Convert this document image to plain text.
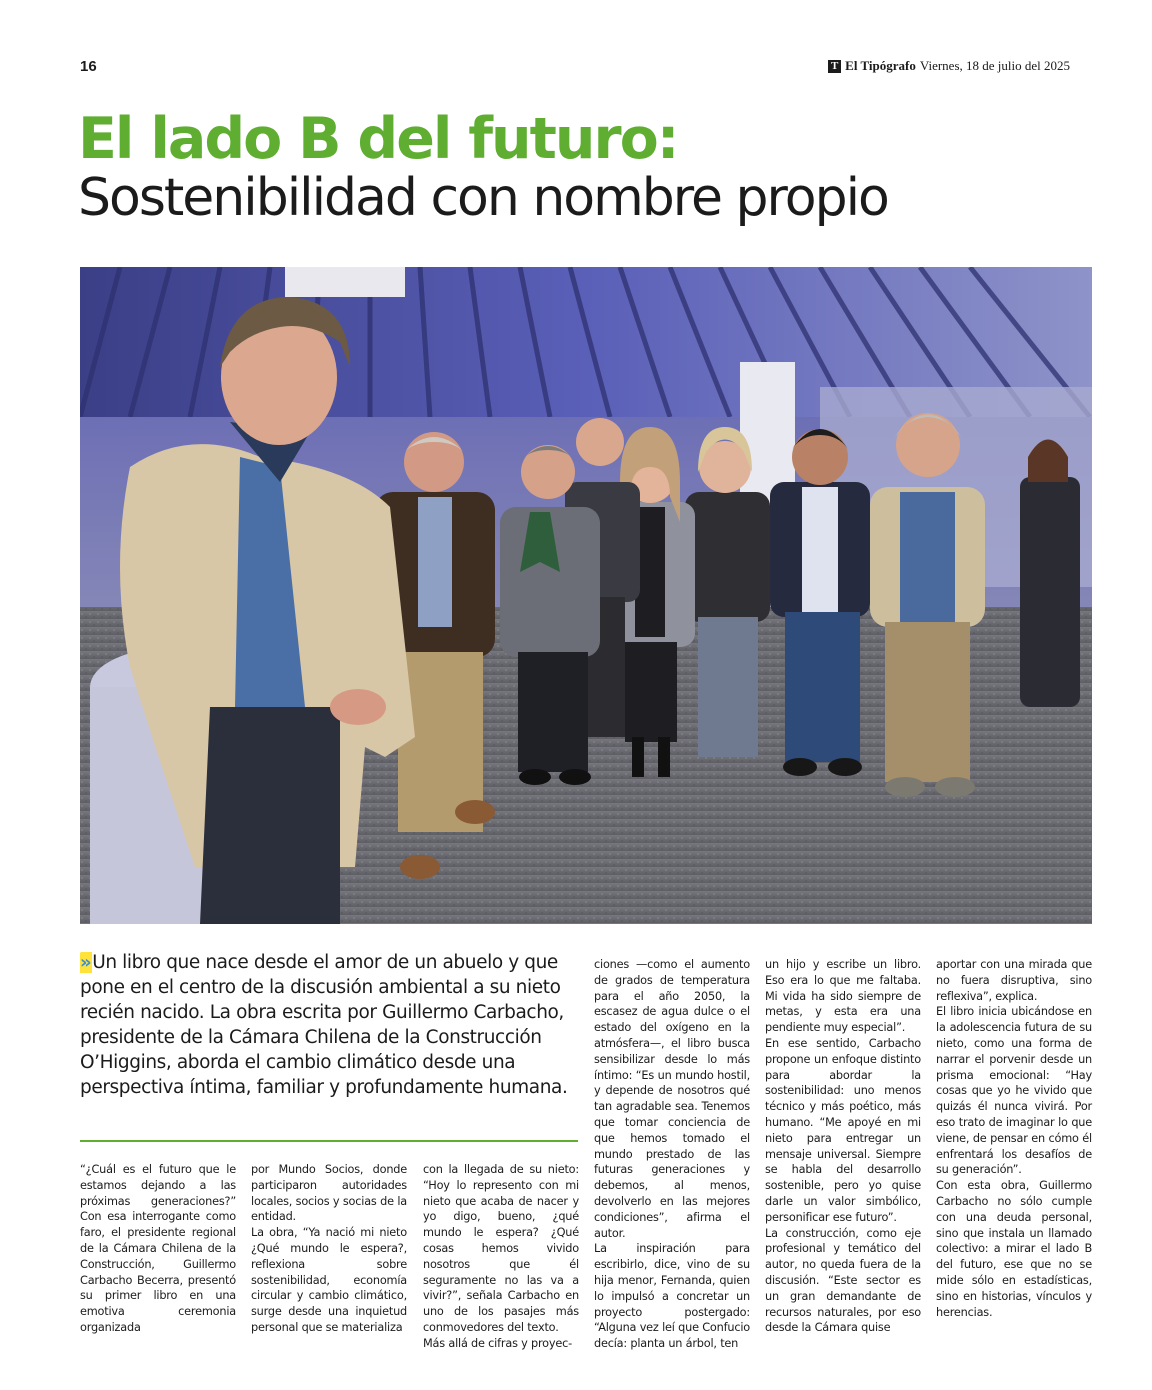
16	T El Tipógrafo Viernes, 18 de julio del 2025
El lado B del futuro:
Sostenibilidad con nombre propio

»Un libro que nace desde el amor de un abuelo y que pone en el centro de la discusión ambiental a su nieto recién nacido. La obra escrita por Guillermo Carbacho, presidente de la Cámara Chilena de la Construcción O’Higgins, aborda el cambio climático desde una perspectiva íntima, familiar y profundamente humana.

“¿Cuál es el futuro que le estamos dejando a las próximas generaciones?” Con esa interrogante como faro, el presidente regional de la Cámara Chilena de la Construcción, Guillermo Carbacho Becerra, presentó su primer libro en una emotiva ceremonia organizada

por Mundo Socios, donde participaron autoridades locales, socios y socias de la entidad.

La obra, “Ya nació mi nieto ¿Qué mundo le espera?, reflexiona sobre sostenibilidad, economía circular y cambio climático, surge desde una inquietud personal que se materializa

con la llegada de su nieto: “Hoy lo represento con mi nieto que acaba de nacer y yo digo, bueno, ¿qué mundo le espera? ¿Qué cosas hemos vivido nosotros que él seguramente no las va a vivir?”, señala Carbacho en uno de los pasajes más conmovedores del texto.

Más allá de cifras y proyec-

ciones —como el aumento de grados de temperatura para el año 2050, la escasez de agua dulce o el estado del oxígeno en la atmósfera—, el libro busca sensibilizar desde lo más íntimo: “Es un mundo hostil, y depende de nosotros qué tan agradable sea. Tenemos que tomar conciencia de que hemos tomado el mundo prestado de las futuras generaciones y debemos, al menos, devolverlo en las mejores condiciones”, afirma el autor.

La inspiración para escribirlo, dice, vino de su hija menor, Fernanda, quien lo impulsó a concretar un proyecto postergado: “Alguna vez leí que Confucio decía: planta un árbol, ten

un hijo y escribe un libro. Eso era lo que me faltaba. Mi vida ha sido siempre de metas, y esta era una pendiente muy especial”.

En ese sentido, Carbacho propone un enfoque distinto para abordar la sostenibilidad: uno menos técnico y más poético, más humano. “Me apoyé en mi nieto para entregar un mensaje universal. Siempre se habla del desarrollo sostenible, pero yo quise darle un valor simbólico, personificar ese futuro”.

La construcción, como eje profesional y temático del autor, no queda fuera de la discusión. “Este sector es un gran demandante de recursos naturales, por eso desde la Cámara quise

aportar con una mirada que no fuera disruptiva, sino reflexiva”, explica.

El libro inicia ubicándose en la adolescencia futura de su nieto, como una forma de narrar el porvenir desde un prisma emocional: “Hay cosas que yo he vivido que quizás él nunca vivirá. Por eso trato de imaginar lo que viene, de pensar en cómo él enfrentará los desafíos de su generación”.

Con esta obra, Guillermo Carbacho no sólo cumple con una deuda personal, sino que instala un llamado colectivo: a mirar el lado B del futuro, ese que no se mide sólo en estadísticas, sino en historias, vínculos y herencias.
